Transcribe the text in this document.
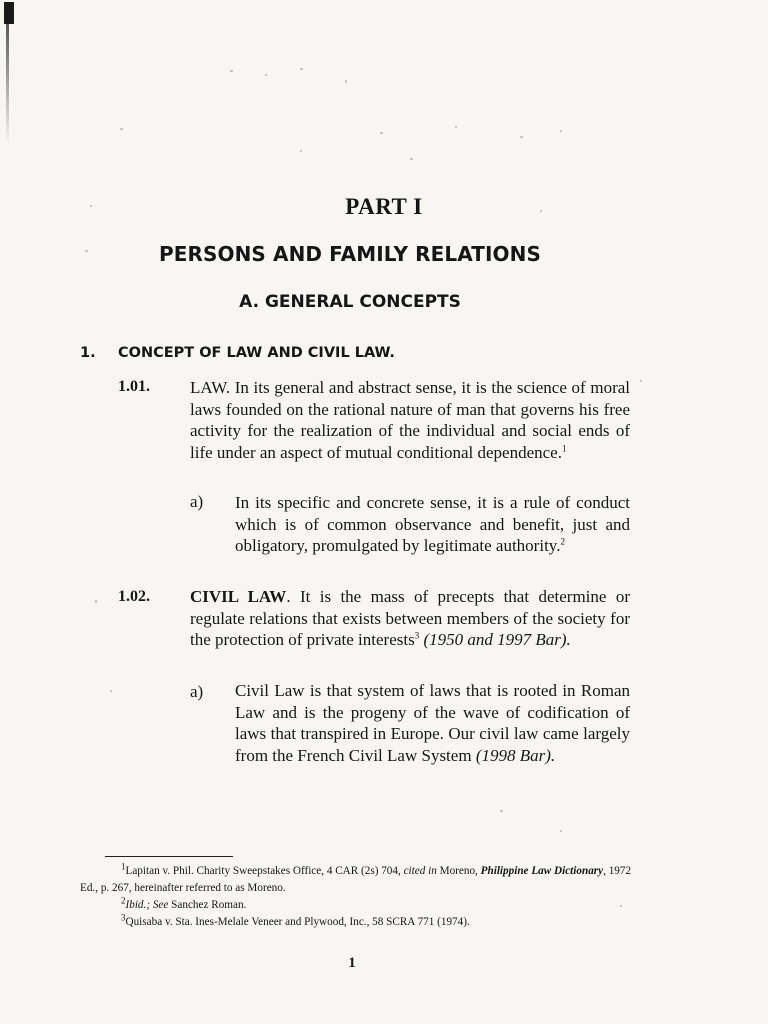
PART I
PERSONS AND FAMILY RELATIONS
A. GENERAL CONCEPTS
1. CONCEPT OF LAW AND CIVIL LAW.
1.01. LAW. In its general and abstract sense, it is the science of moral laws founded on the rational nature of man that governs his free activity for the realization of the individual and social ends of life under an aspect of mutual conditional dependence.$^1$
a) In its specific and concrete sense, it is a rule of conduct which is of common observance and benefit, just and obligatory, promulgated by legitimate authority.$^2$
1.02. CIVIL LAW. It is the mass of precepts that determine or regulate relations that exists between members of the society for the protection of private interests$^3$ (1950 and 1997 Bar).
a) Civil Law is that system of laws that is rooted in Roman Law and is the progeny of the wave of codification of laws that transpired in Europe. Our civil law came largely from the French Civil Law System (1998 Bar).

$^1$Lapitan v. Phil. Charity Sweepstakes Office, 4 CAR (2s) 704, cited in Moreno, Philippine Law Dictionary, 1972 Ed., p. 267, hereinafter referred to as Moreno.

$^2$Ibid.; See Sanchez Roman.

$^3$Quisaba v. Sta. Ines-Melale Veneer and Plywood, Inc., 58 SCRA 771 (1974).

1
